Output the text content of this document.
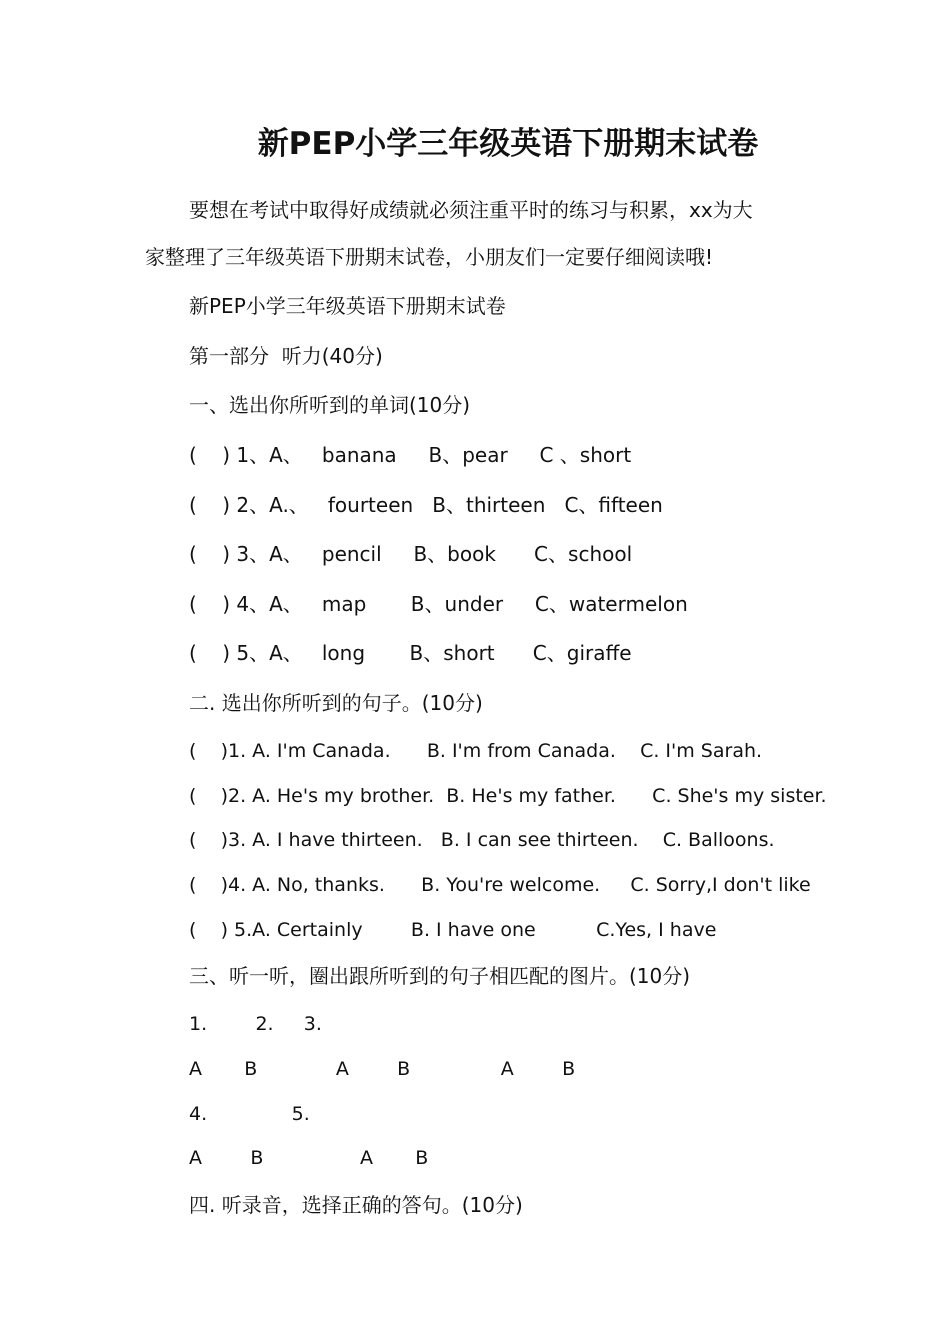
新PEP小学三年级英语下册期末试卷
要想在考试中取得好成绩就必须注重平时的练习与积累，xx为大
家整理了三年级英语下册期末试卷，小朋友们一定要仔细阅读哦!
新PEP小学三年级英语下册期末试卷
第一部分  听力(40分)
一、选出你所听到的单词(10分)
(    ) 1、A、   banana     B、pear     C 、short
(    ) 2、A.、   fourteen   B、thirteen   C、fifteen
(    ) 3、A、   pencil     B、book      C、school
(    ) 4、A、   map       B、under     C、watermelon
(    ) 5、A、   long       B、short      C、giraffe
二. 选出你所听到的句子。(10分)
(    )1. A. I'm Canada.      B. I'm from Canada.    C. I'm Sarah.
(    )2. A. He's my brother.  B. He's my father.      C. She's my sister.
(    )3. A. I have thirteen.   B. I can see thirteen.    C. Balloons.
(    )4. A. No, thanks.      B. You're welcome.     C. Sorry,I don't like
(    ) 5.A. Certainly        B. I have one          C.Yes, I have
三、听一听，圈出跟所听到的句子相匹配的图片。(10分)
1.        2.     3.
A       B             A        B               A        B
4.              5.
A        B                A       B
四. 听录音，选择正确的答句。(10分)
